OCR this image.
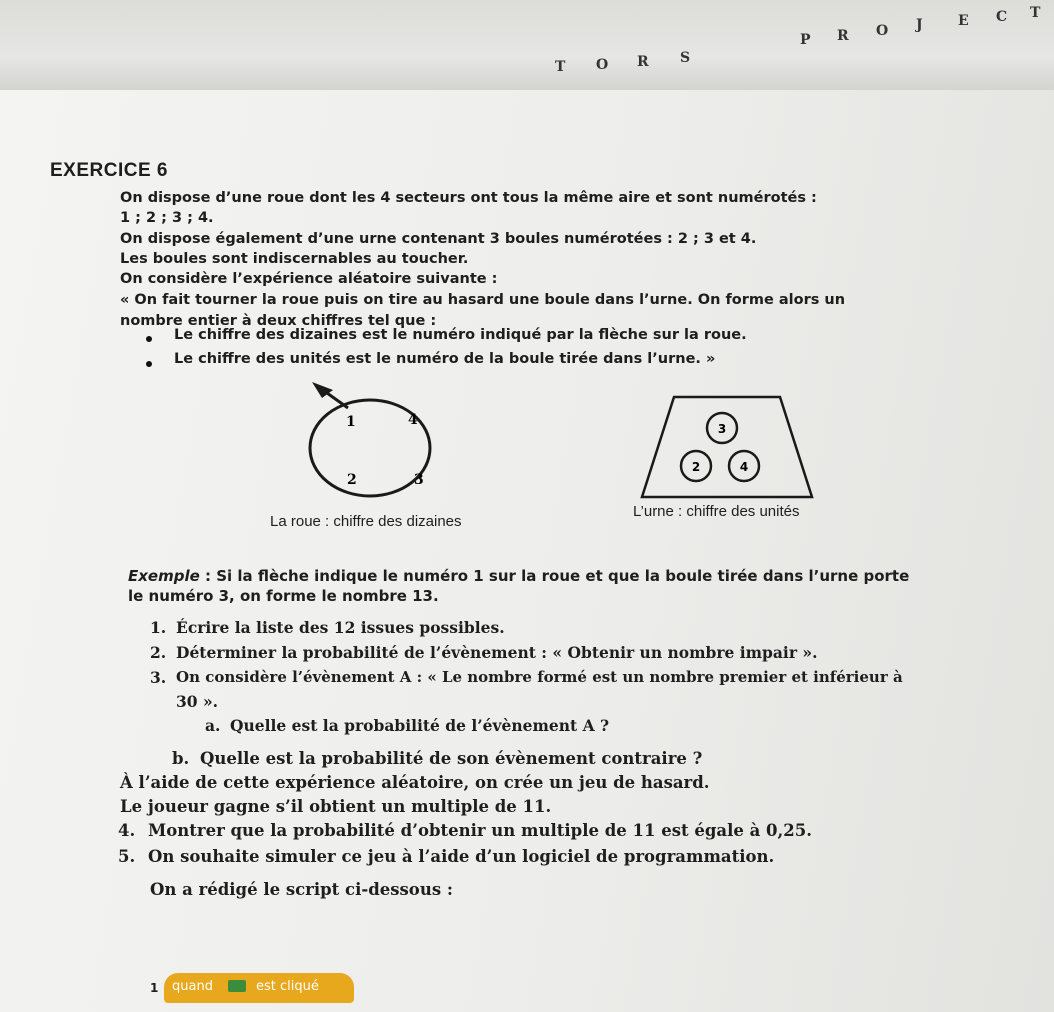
P R O J E C T
T O R S
EXERCICE 6
On dispose d’une roue dont les 4 secteurs ont tous la même aire et sont numérotés :
1 ; 2 ; 3 ; 4.
On dispose également d’une urne contenant 3 boules numérotées : 2 ; 3 et 4.
Les boules sont indiscernables au toucher.
On considère l’expérience aléatoire suivante :
« On fait tourner la roue puis on tire au hasard une boule dans l’urne. On forme alors un
nombre entier à deux chiffres tel que :
Le chiffre des dizaines est le numéro indiqué par la flèche sur la roue.
Le chiffre des unités est le numéro de la boule tirée dans l’urne. »
1	4
2	3
La roue : chiffre des dizaines
3
2	4
L’urne : chiffre des unités
Exemple : Si la flèche indique le numéro 1 sur la roue et que la boule tirée dans l’urne porte
le numéro 3, on forme le nombre 13.
1. Écrire la liste des 12 issues possibles.
2. Déterminer la probabilité de l’évènement : « Obtenir un nombre impair ».
3. On considère l’évènement A : « Le nombre formé est un nombre premier et inférieur à
30 ».
a. Quelle est la probabilité de l’évènement A ?
b. Quelle est la probabilité de son évènement contraire ?
À l’aide de cette expérience aléatoire, on crée un jeu de hasard.
Le joueur gagne s’il obtient un multiple de 11.
4. Montrer que la probabilité d’obtenir un multiple de 11 est égale à 0,25.
5. On souhaite simuler ce jeu à l’aide d’un logiciel de programmation.
On a rédigé le script ci-dessous :
1 quand	est cliqué
